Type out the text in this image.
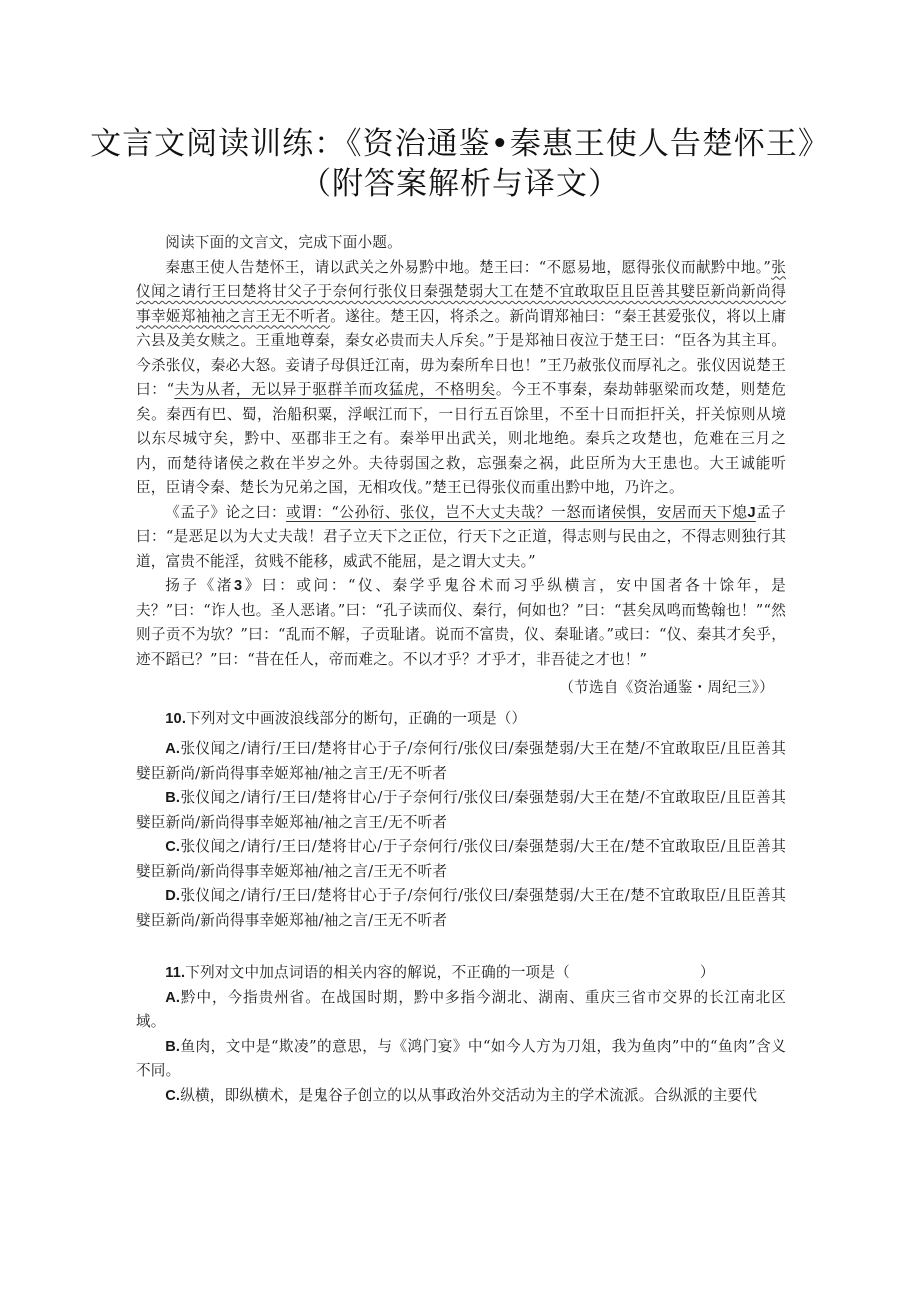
文言文阅读训练：《资治通鉴•秦惠王使人告楚怀王》
（附答案解析与译文）

阅读下面的文言文，完成下面小题。

秦惠王使人告楚怀王，请以武关之外易黔中地。楚王曰：“不愿易地，愿得张仪而献黔中地。”张仪闻之请行王曰楚将甘父子于奈何行张仪日秦强楚弱大工在楚不宜敢取臣且臣善其嬖臣新尚新尚得事幸姬郑袖袖之言王无不听者。遂往。楚王囚，将杀之。新尚谓郑袖曰：“秦王甚爱张仪，将以上庸六县及美女赎之。王重地尊秦，秦女必贵而夫人斥矣。”于是郑袖日夜泣于楚王曰：“臣各为其主耳。今杀张仪，秦必大怒。妾请子母俱迁江南，毋为秦所牟日也！”王乃赦张仪而厚礼之。张仪因说楚王曰：“夫为从者，无以异于驱群羊而攻猛虎，不格明矣。今王不事秦，秦劫韩驱梁而攻楚，则楚危矣。秦西有巴、蜀，治船积粟，浮岷江而下，一日行五百馀里，不至十日而拒扞关，扞关惊则从境以东尽城守矣，黔中、巫郡非王之有。秦举甲出武关，则北地绝。秦兵之攻楚也，危难在三月之内，而楚待诸侯之救在半岁之外。夫待弱国之救，忘强秦之祸，此臣所为大王患也。大王诚能听臣，臣请令秦、楚长为兄弟之国，无相攻伐。”楚王已得张仪而重出黔中地，乃许之。

《孟子》论之曰：或谓：“公孙衍、张仪，岂不大丈夫哉？一怒而诸侯惧，安居而天下熄J孟子曰：“是恶足以为大丈夫哉！君子立天下之正位，行天下之正道，得志则与民由之，不得志则独行其道，富贵不能淫，贫贱不能移，威武不能屈，是之谓大丈夫。”

扬子《渚3》曰：或问：“仪、秦学乎鬼谷术而习乎纵横言，安中国者各十馀年，是夫？”曰：“诈人也。圣人恶诸。”曰：“孔子读而仪、秦行，何如也？”曰：“甚矣凤鸣而鸷翰也！”“然则子贡不为欤？”曰：“乱而不解，子贡耻诸。说而不富贵，仪、秦耻诸。”或曰：“仪、秦其才矣乎，迹不蹈已？”曰：“昔在任人，帝而难之。不以才乎？才乎才，非吾徒之才也！”

（节选自《资治通鉴・周纪三》）

10.下列对文中画波浪线部分的断句，正确的一项是（）

A.张仪闻之/请行/王曰/楚将甘心于子/奈何行/张仪曰/秦强楚弱/大王在楚/不宜敢取臣/且臣善其嬖臣新尚/新尚得事幸姬郑袖/袖之言王/无不听者

B.张仪闻之/请行/王曰/楚将甘心/于子奈何行/张仪曰/秦强楚弱/大王在楚/不宜敢取臣/且臣善其嬖臣新尚/新尚得事幸姬郑袖/袖之言王/无不听者

C.张仪闻之/请行/王曰/楚将甘心/于子奈何行/张仪曰/秦强楚弱/大王在/楚不宜敢取臣/且臣善其嬖臣新尚/新尚得事幸姬郑袖/袖之言/王无不听者

D.张仪闻之/请行/王曰/楚将甘心于子/奈何行/张仪曰/秦强楚弱/大王在/楚不宜敢取臣/且臣善其嬖臣新尚/新尚得事幸姬郑袖/袖之言/王无不听者

11.下列对文中加点词语的相关内容的解说，不正确的一项是（	）

A.黔中，今指贵州省。在战国时期，黔中多指今湖北、湖南、重庆三省市交界的长江南北区域。

B.鱼肉，文中是“欺凌”的意思，与《鸿门宴》中“如今人方为刀俎，我为鱼肉”中的“鱼肉”含义不同。

C.纵横，即纵横术，是鬼谷子创立的以从事政治外交活动为主的学术流派。合纵派的主要代
